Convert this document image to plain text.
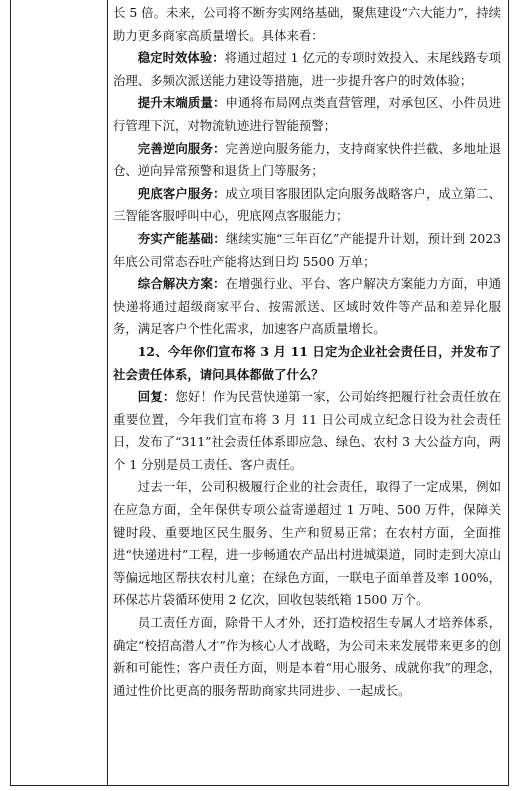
长 5 倍。未来，公司将不断夯实网络基础，聚焦建设“六大能力”，持续助力更多商家高质量增长。具体来看：

稳定时效体验：将通过超过 1 亿元的专项时效投入、末尾线路专项治理、多频次派送能力建设等措施，进一步提升客户的时效体验；

提升末端质量：申通将布局网点类直营管理，对承包区、小件员进行管理下沉，对物流轨迹进行智能预警；

完善逆向服务：完善逆向服务能力，支持商家快件拦截、多地址退仓、逆向异常预警和退货上门等服务；

兜底客户服务：成立项目客服团队定向服务战略客户，成立第二、三智能客服呼叫中心，兜底网点客服能力；

夯实产能基础：继续实施“三年百亿”产能提升计划，预计到 2023 年底公司常态吞吐产能将达到日均 5500 万单；

综合解决方案：在增强行业、平台、客户解决方案能力方面，申通快递将通过超级商家平台、按需派送、区域时效件等产品和差异化服务，满足客户个性化需求，加速客户高质量增长。

12、今年你们宣布将 3 月 11 日定为企业社会责任日，并发布了社会责任体系，请问具体都做了什么？

回复：您好！作为民营快递第一家，公司始终把履行社会责任放在重要位置，今年我们宣布将 3 月 11 日公司成立纪念日设为社会责任日，发布了“311”社会责任体系即应急、绿色、农村 3 大公益方向，两个 1 分别是员工责任、客户责任。

过去一年，公司积极履行企业的社会责任，取得了一定成果，例如在应急方面，全年保供专项公益寄递超过 1 万吨、500 万件，保障关键时段、重要地区民生服务、生产和贸易正常；在农村方面，全面推进“快递进村”工程，进一步畅通农产品出村进城渠道，同时走到大凉山等偏远地区帮扶农村儿童；在绿色方面，一联电子面单普及率 100%，环保芯片袋循环使用 2 亿次，回收包装纸箱 1500 万个。

员工责任方面，除骨干人才外，还打造校招生专属人才培养体系，确定“校招高潜人才”作为核心人才战略，为公司未来发展带来更多的创新和可能性；客户责任方面，则是本着“用心服务、成就你我”的理念，通过性价比更高的服务帮助商家共同进步、一起成长。
